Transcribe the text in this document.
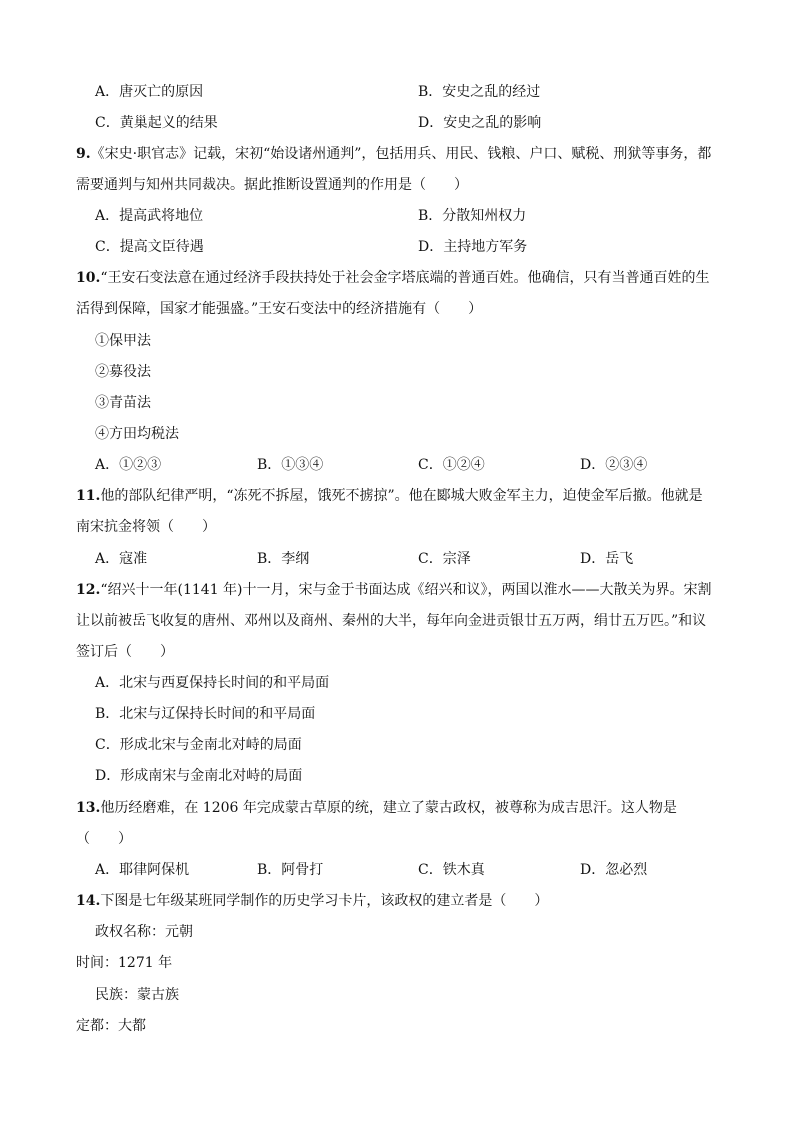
A．唐灭亡的原因	B．安史之乱的经过
C．黄巢起义的结果	D．安史之乱的影响
9.《宋史·职官志》记载，宋初“始设诸州通判”，包括用兵、用民、钱粮、户口、赋税、刑狱等事务，都
需要通判与知州共同裁决。据此推断设置通判的作用是（　　）
A．提高武将地位	B．分散知州权力
C．提高文臣待遇	D．主持地方军务
10.“王安石变法意在通过经济手段扶持处于社会金字塔底端的普通百姓。他确信，只有当普通百姓的生
活得到保障，国家才能强盛。”王安石变法中的经济措施有（　　）
①保甲法
②募役法
③青苗法
④方田均税法
A．①②③	B．①③④	C．①②④	D．②③④
11.他的部队纪律严明，“冻死不拆屋，饿死不掳掠”。他在郾城大败金军主力，迫使金军后撤。他就是
南宋抗金将领（　　）
A．寇准	B．李纲	C．宗泽	D．岳飞
12.“绍兴十一年(1141 年)十一月，宋与金于书面达成《绍兴和议》，两国以淮水——大散关为界。宋割
让以前被岳飞收复的唐州、邓州以及商州、秦州的大半，每年向金进贡银廿五万两，绢廿五万匹。”和议
签订后（　　）
A．北宋与西夏保持长时间的和平局面
B．北宋与辽保持长时间的和平局面
C．形成北宋与金南北对峙的局面
D．形成南宋与金南北对峙的局面
13.他历经磨难，在 1206 年完成蒙古草原的统，建立了蒙古政权，被尊称为成吉思汗。这人物是
（　　）
A．耶律阿保机	B．阿骨打	C．铁木真	D．忽必烈
14.下图是七年级某班同学制作的历史学习卡片，该政权的建立者是（　　）
政权名称：元朝
时间：1271 年
民族：蒙古族
定都：大都
